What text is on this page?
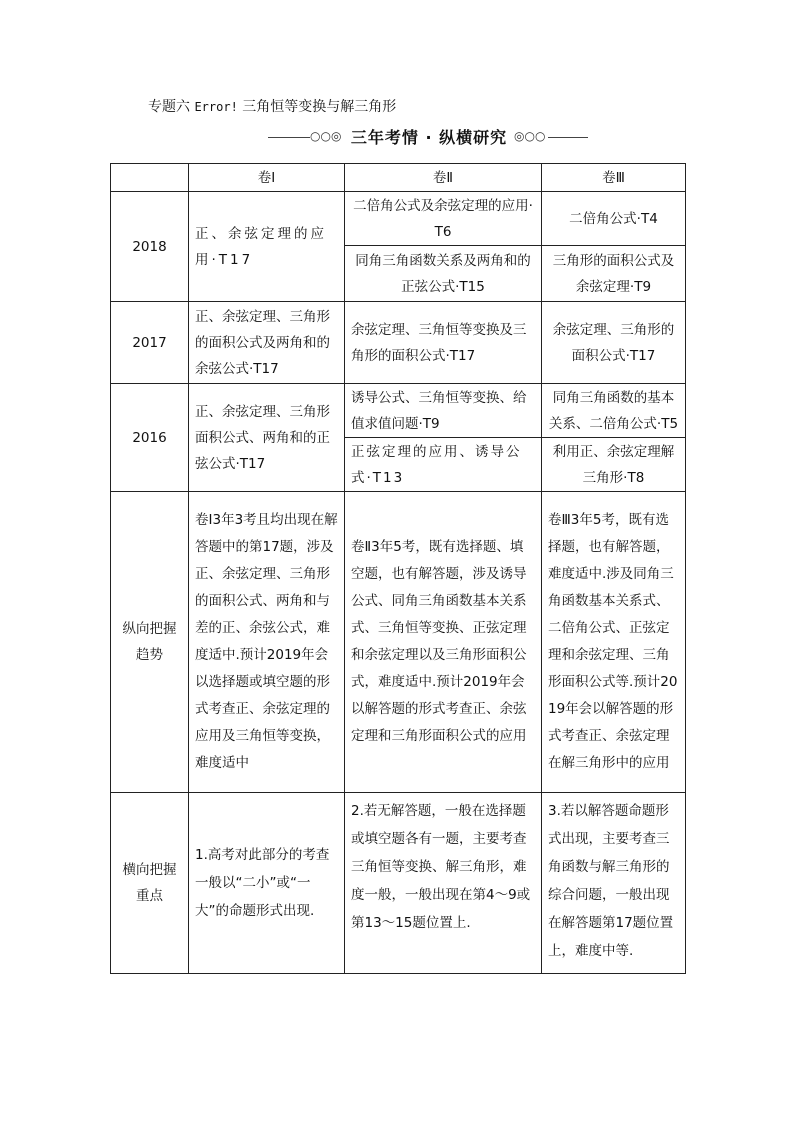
专题六 Error! 三角恒等变换与解三角形
○○◎ 三年考情 · 纵横研究 ◎○○
	卷Ⅰ	卷Ⅱ	卷Ⅲ
2018	正、余弦定理的应用·T17	二倍角公式及余弦定理的应用·T6	二倍角公式·T4
		同角三角函数关系及两角和的正弦公式·T15	三角形的面积公式及余弦定理·T9
2017	正、余弦定理、三角形的面积公式及两角和的余弦公式·T17	余弦定理、三角恒等变换及三角形的面积公式·T17	余弦定理、三角形的面积公式·T17
2016	正、余弦定理、三角形面积公式、两角和的正弦公式·T17	诱导公式、三角恒等变换、给值求值问题·T9	同角三角函数的基本关系、二倍角公式·T5
		正弦定理的应用、诱导公式·T13	利用正、余弦定理解三角形·T8
纵向把握趋势	卷Ⅰ3年3考且均出现在解答题中的第17题，涉及正、余弦定理、三角形的面积公式、两角和与差的正、余弦公式，难度适中.预计2019年会以选择题或填空题的形式考查正、余弦定理的应用及三角恒等变换，难度适中	卷Ⅱ3年5考，既有选择题、填空题，也有解答题，涉及诱导公式、同角三角函数基本关系式、三角恒等变换、正弦定理和余弦定理以及三角形面积公式，难度适中.预计2019年会以解答题的形式考查正、余弦定理和三角形面积公式的应用	卷Ⅲ3年5考，既有选择题，也有解答题，难度适中.涉及同角三角函数基本关系式、二倍角公式、正弦定理和余弦定理、三角形面积公式等.预计2019年会以解答题的形式考查正、余弦定理在解三角形中的应用
横向把握重点	1.高考对此部分的考查一般以“二小”或“一大”的命题形式出现.	2.若无解答题，一般在选择题或填空题各有一题，主要考查三角恒等变换、解三角形，难度一般，一般出现在第4～9或第13～15题位置上.	3.若以解答题命题形式出现，主要考查三角函数与解三角形的综合问题，一般出现在解答题第17题位置上，难度中等.
